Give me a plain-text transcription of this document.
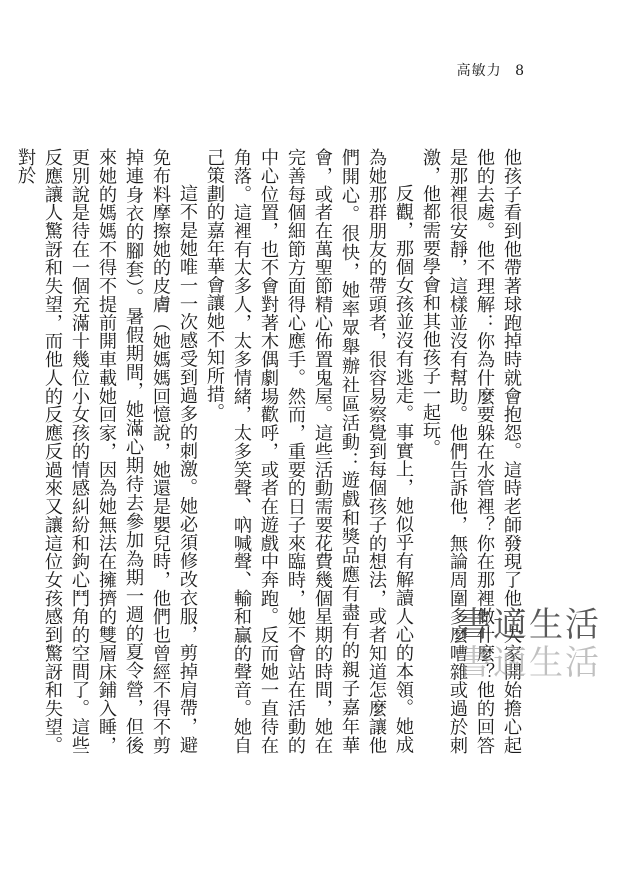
高敏力 8

他孩子看到他帶著球跑掉時就會抱怨。這時老師發現了他，大家開始擔心起他的去處。他不理解：你為什麼要躲在水管裡？你在那裡做什麼？他的回答是那裡很安靜，這樣並沒有幫助。他們告訴他，無論周圍多麼嘈雜或過於刺激，他都需要學會和其他孩子一起玩。

反觀，那個女孩並沒有逃走。事實上，她似乎有解讀人心的本領。她成為她那群朋友的帶頭者，很容易察覺到每個孩子的想法，或者知道怎麼讓他們開心。很快，她率眾舉辦社區活動：遊戲和獎品應有盡有的親子嘉年華會，或者在萬聖節精心佈置鬼屋。這些活動需要花費幾個星期的時間，她在完善每個細節方面得心應手。然而，重要的日子來臨時，她不會站在活動的中心位置，也不會對著木偶劇場歡呼，或者在遊戲中奔跑。反而她一直待在角落。這裡有太多人，太多情緒，太多笑聲、吶喊聲、輸和贏的聲音。她自己策劃的嘉年華會讓她不知所措。

這不是她唯一一次感受到過多的刺激。她必須修改衣服，剪掉肩帶，避免布料摩擦她的皮膚（她媽媽回憶說，她還是嬰兒時，他們也曾經不得不剪掉連身衣的腳套）。暑假期間，她滿心期待去參加為期一週的夏令營，但後來她的媽媽不得不提前開車載她回家，因為她無法在擁擠的雙層床鋪入睡，更別說是待在一個充滿十幾位小女孩的情感糾紛和鉤心鬥角的空間了。這些反應讓人驚訝和失望，而他人的反應反過來又讓這位女孩感到驚訝和失望。對於

書適生活
書適生活
